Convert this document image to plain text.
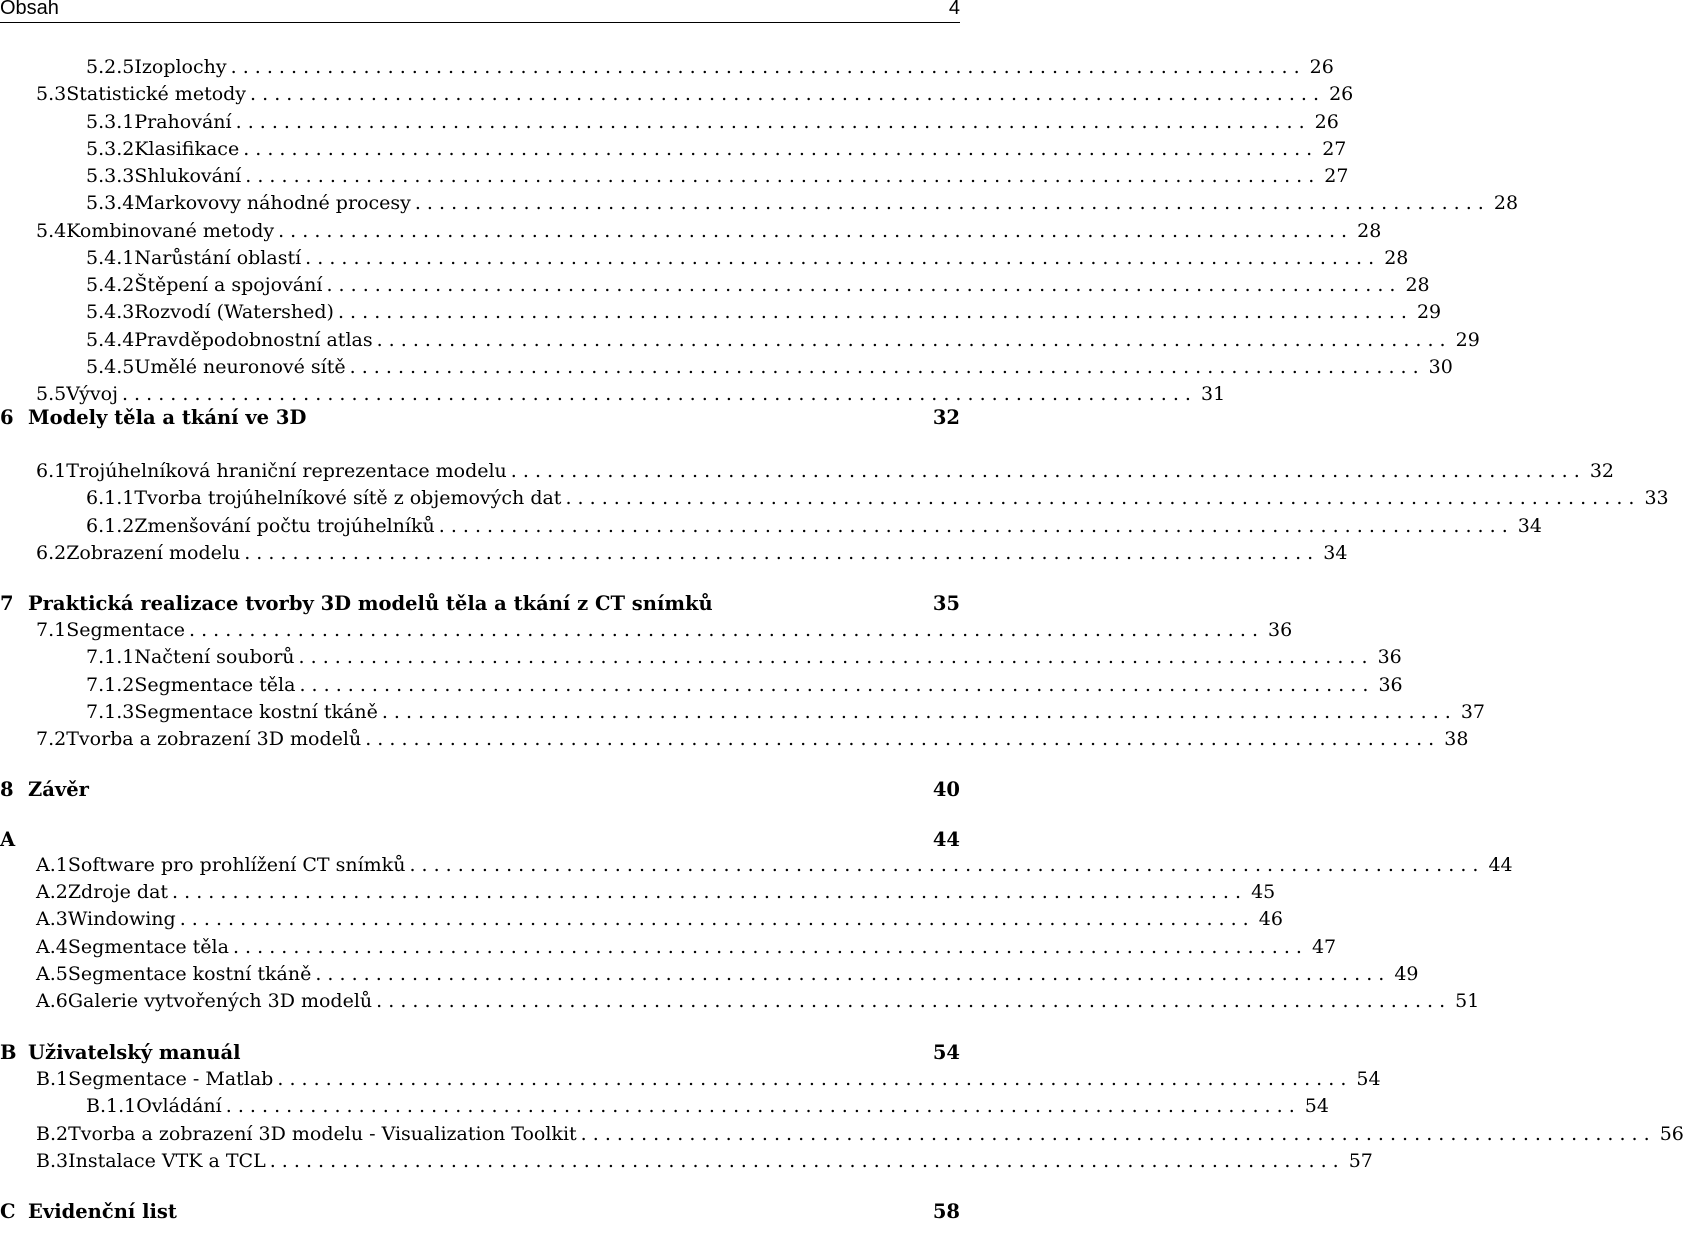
Obsah	4
5.2.5 Izoplochy . . .	26
5.3 Statistické metody . . .	26
5.3.1 Prahování . . .	26
5.3.2 Klasifikace . . .	27
5.3.3 Shlukování . . .	27
5.3.4 Markovovy náhodné procesy . . .	28
5.4 Kombinované metody . . .	28
5.4.1 Narůstání oblastí . . .	28
5.4.2 Štěpení a spojování . . .	28
5.4.3 Rozvodí (Watershed) . . .	29
5.4.4 Pravděpodobnostní atlas . . .	29
5.4.5 Umělé neuronové sítě . . .	30
5.5 Vývoj . . .	31
6 Modely těla a tkání ve 3D	32
6.1 Trojúhelníková hraniční reprezentace modelu . . .	32
6.1.1 Tvorba trojúhelníkové sítě z objemových dat . . .	33
6.1.2 Zmenšování počtu trojúhelníků . . .	34
6.2 Zobrazení modelu . . .	34
7 Praktická realizace tvorby 3D modelů těla a tkání z CT snímků	35
7.1 Segmentace . . .	36
7.1.1 Načtení souborů . . .	36
7.1.2 Segmentace těla . . .	36
7.1.3 Segmentace kostní tkáně . . .	37
7.2 Tvorba a zobrazení 3D modelů . . .	38
8 Závěr	40
A	44
A.1 Software pro prohlížení CT snímků . . .	44
A.2 Zdroje dat . . .	45
A.3 Windowing . . .	46
A.4 Segmentace těla . . .	47
A.5 Segmentace kostní tkáně . . .	49
A.6 Galerie vytvořených 3D modelů . . .	51
B Uživatelský manuál	54
B.1 Segmentace - Matlab . . .	54
B.1.1 Ovládání . . .	54
B.2 Tvorba a zobrazení 3D modelu - Visualization Toolkit . . .	56
B.3 Instalace VTK a TCL . . .	57
C Evidenční list	58
